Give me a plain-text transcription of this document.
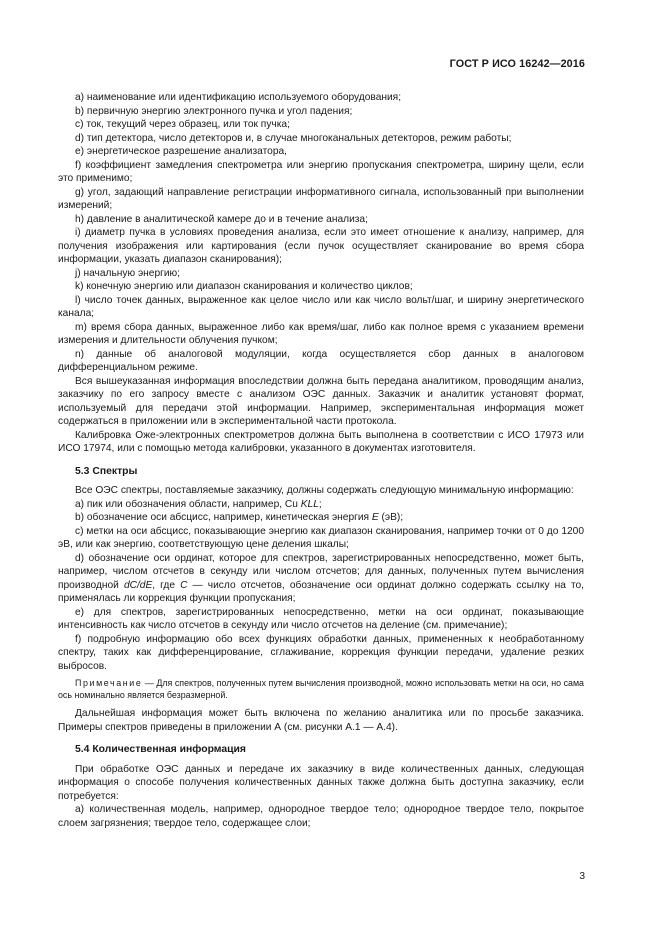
ГОСТ Р ИСО 16242—2016

a) наименование или идентификацию используемого оборудования;

b) первичную энергию электронного пучка и угол падения;

c) ток, текущий через образец, или ток пучка;

d) тип детектора, число детекторов и, в случае многоканальных детекторов, режим работы;

e) энергетическое разрешение анализатора,

f) коэффициент замедления спектрометра или энергию пропускания спектрометра, ширину щели, если это применимо;

g) угол, задающий направление регистрации информативного сигнала, использованный при выполнении измерений;

h) давление в аналитической камере до и в течение анализа;

i) диаметр пучка в условиях проведения анализа, если это имеет отношение к анализу, например, для получения изображения или картирования (если пучок осуществляет сканирование во время сбора информации, указать диапазон сканирования);

j) начальную энергию;

k) конечную энергию или диапазон сканирования и количество циклов;

l) число точек данных, выраженное как целое число или как число вольт/шаг, и ширину энергетического канала;

m) время сбора данных, выраженное либо как время/шаг, либо как полное время с указанием времени измерения и длительности облучения пучком;

n) данные об аналоговой модуляции, когда осуществляется сбор данных в аналоговом дифференциальном режиме.

Вся вышеуказанная информация впоследствии должна быть передана аналитиком, проводящим анализ, заказчику по его запросу вместе с анализом ОЭС данных. Заказчик и аналитик установят формат, используемый для передачи этой информации. Например, экспериментальная информация может содержаться в приложении или в экспериментальной части протокола.

Калибровка Оже-электронных спектрометров должна быть выполнена в соответствии с ИСО 17973 или ИСО 17974, или с помощью метода калибровки, указанного в документах изготовителя.

5.3 Спектры

Все ОЭС спектры, поставляемые заказчику, должны содержать следующую минимальную информацию:

a) пик или обозначения области, например, Cu KLL;

b) обозначение оси абсцисс, например, кинетическая энергия E (эВ);

c) метки на оси абсцисс, показывающие энергию как диапазон сканирования, например точки от 0 до 1200 эВ, или как энергию, соответствующую цене деления шкалы;

d) обозначение оси ординат, которое для спектров, зарегистрированных непосредственно, может быть, например, числом отсчетов в секунду или числом отсчетов; для данных, полученных путем вычисления производной dC/dE, где C — число отсчетов, обозначение оси ординат должно содержать ссылку на то, применялась ли коррекция функции пропускания;

e) для спектров, зарегистрированных непосредственно, метки на оси ординат, показывающие интенсивность как число отсчетов в секунду или число отсчетов на деление (см. примечание);

f) подробную информацию обо всех функциях обработки данных, примененных к необработанному спектру, таких как дифференцирование, сглаживание, коррекция функции передачи, удаление резких выбросов.

Примечание — Для спектров, полученных путем вычисления производной, можно использовать метки на оси, но сама ось номинально является безразмерной.

Дальнейшая информация может быть включена по желанию аналитика или по просьбе заказчика. Примеры спектров приведены в приложении А (см. рисунки А.1 — А.4).

5.4 Количественная информация

При обработке ОЭС данных и передаче их заказчику в виде количественных данных, следующая информация о способе получения количественных данных также должна быть доступна заказчику, если потребуется:

a) количественная модель, например, однородное твердое тело; однородное твердое тело, покрытое слоем загрязнения; твердое тело, содержащее слои;

3
